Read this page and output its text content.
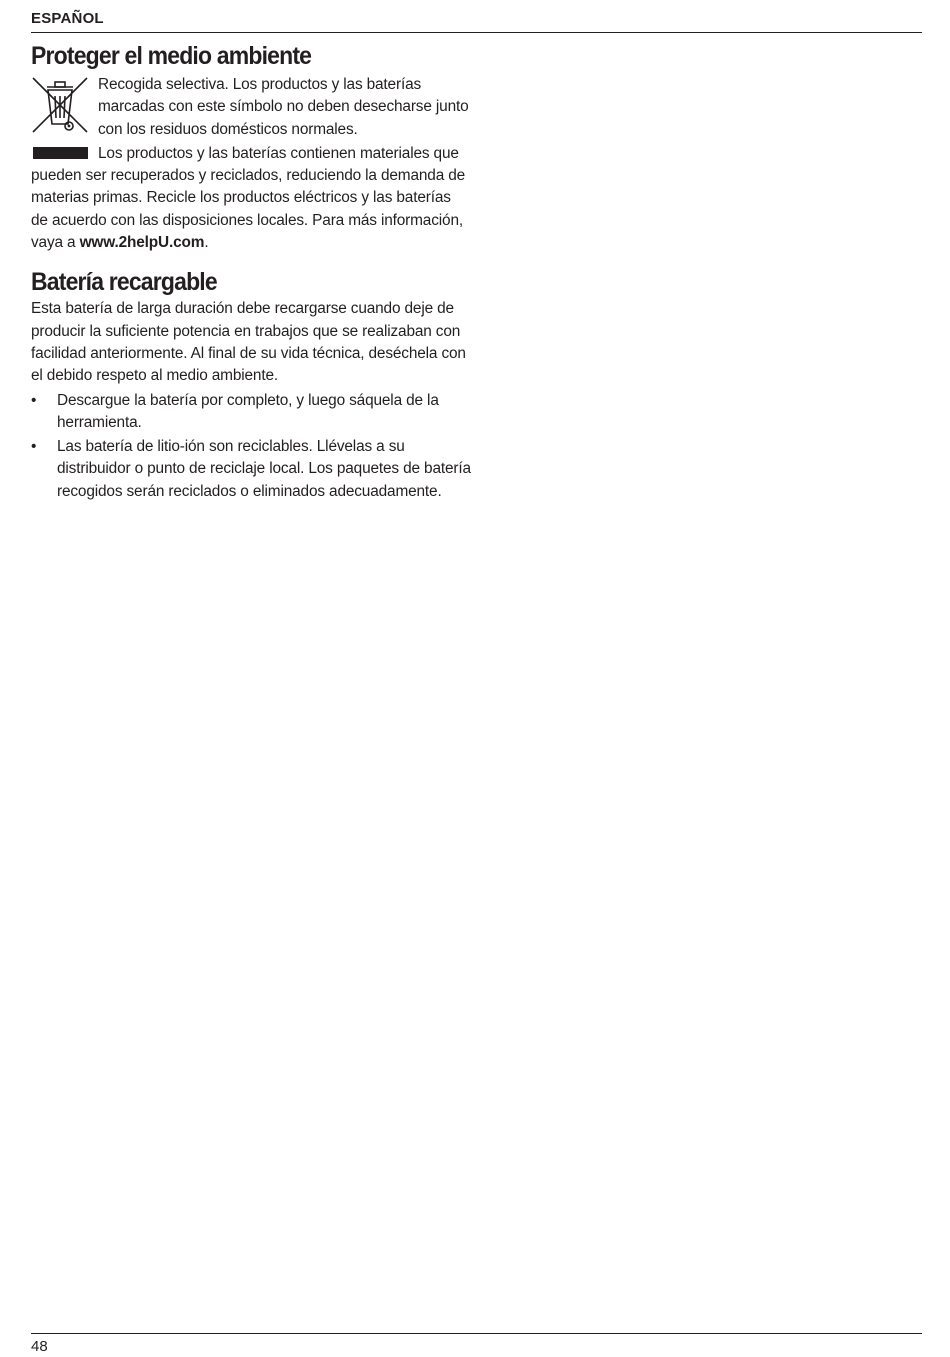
ESPAÑOL
Proteger el medio ambiente

Recogida selectiva. Los productos y las baterías marcadas con este símbolo no deben desecharse junto con los residuos domésticos normales.

Los productos y las baterías contienen materiales que pueden ser recuperados y reciclados, reduciendo la demanda de materias primas. Recicle los productos eléctricos y las baterías de acuerdo con las disposiciones locales. Para más información, vaya a www.2helpU.com.

Batería recargable

Esta batería de larga duración debe recargarse cuando deje de producir la suficiente potencia en trabajos que se realizaban con facilidad anteriormente. Al final de su vida técnica, deséchela con el debido respeto al medio ambiente.

•	Descargue la batería por completo, y luego sáquela de la herramienta.
•	Las batería de litio-ión son reciclables. Llévelas a su distribuidor o punto de reciclaje local. Los paquetes de batería recogidos serán reciclados o eliminados adecuadamente.
48
